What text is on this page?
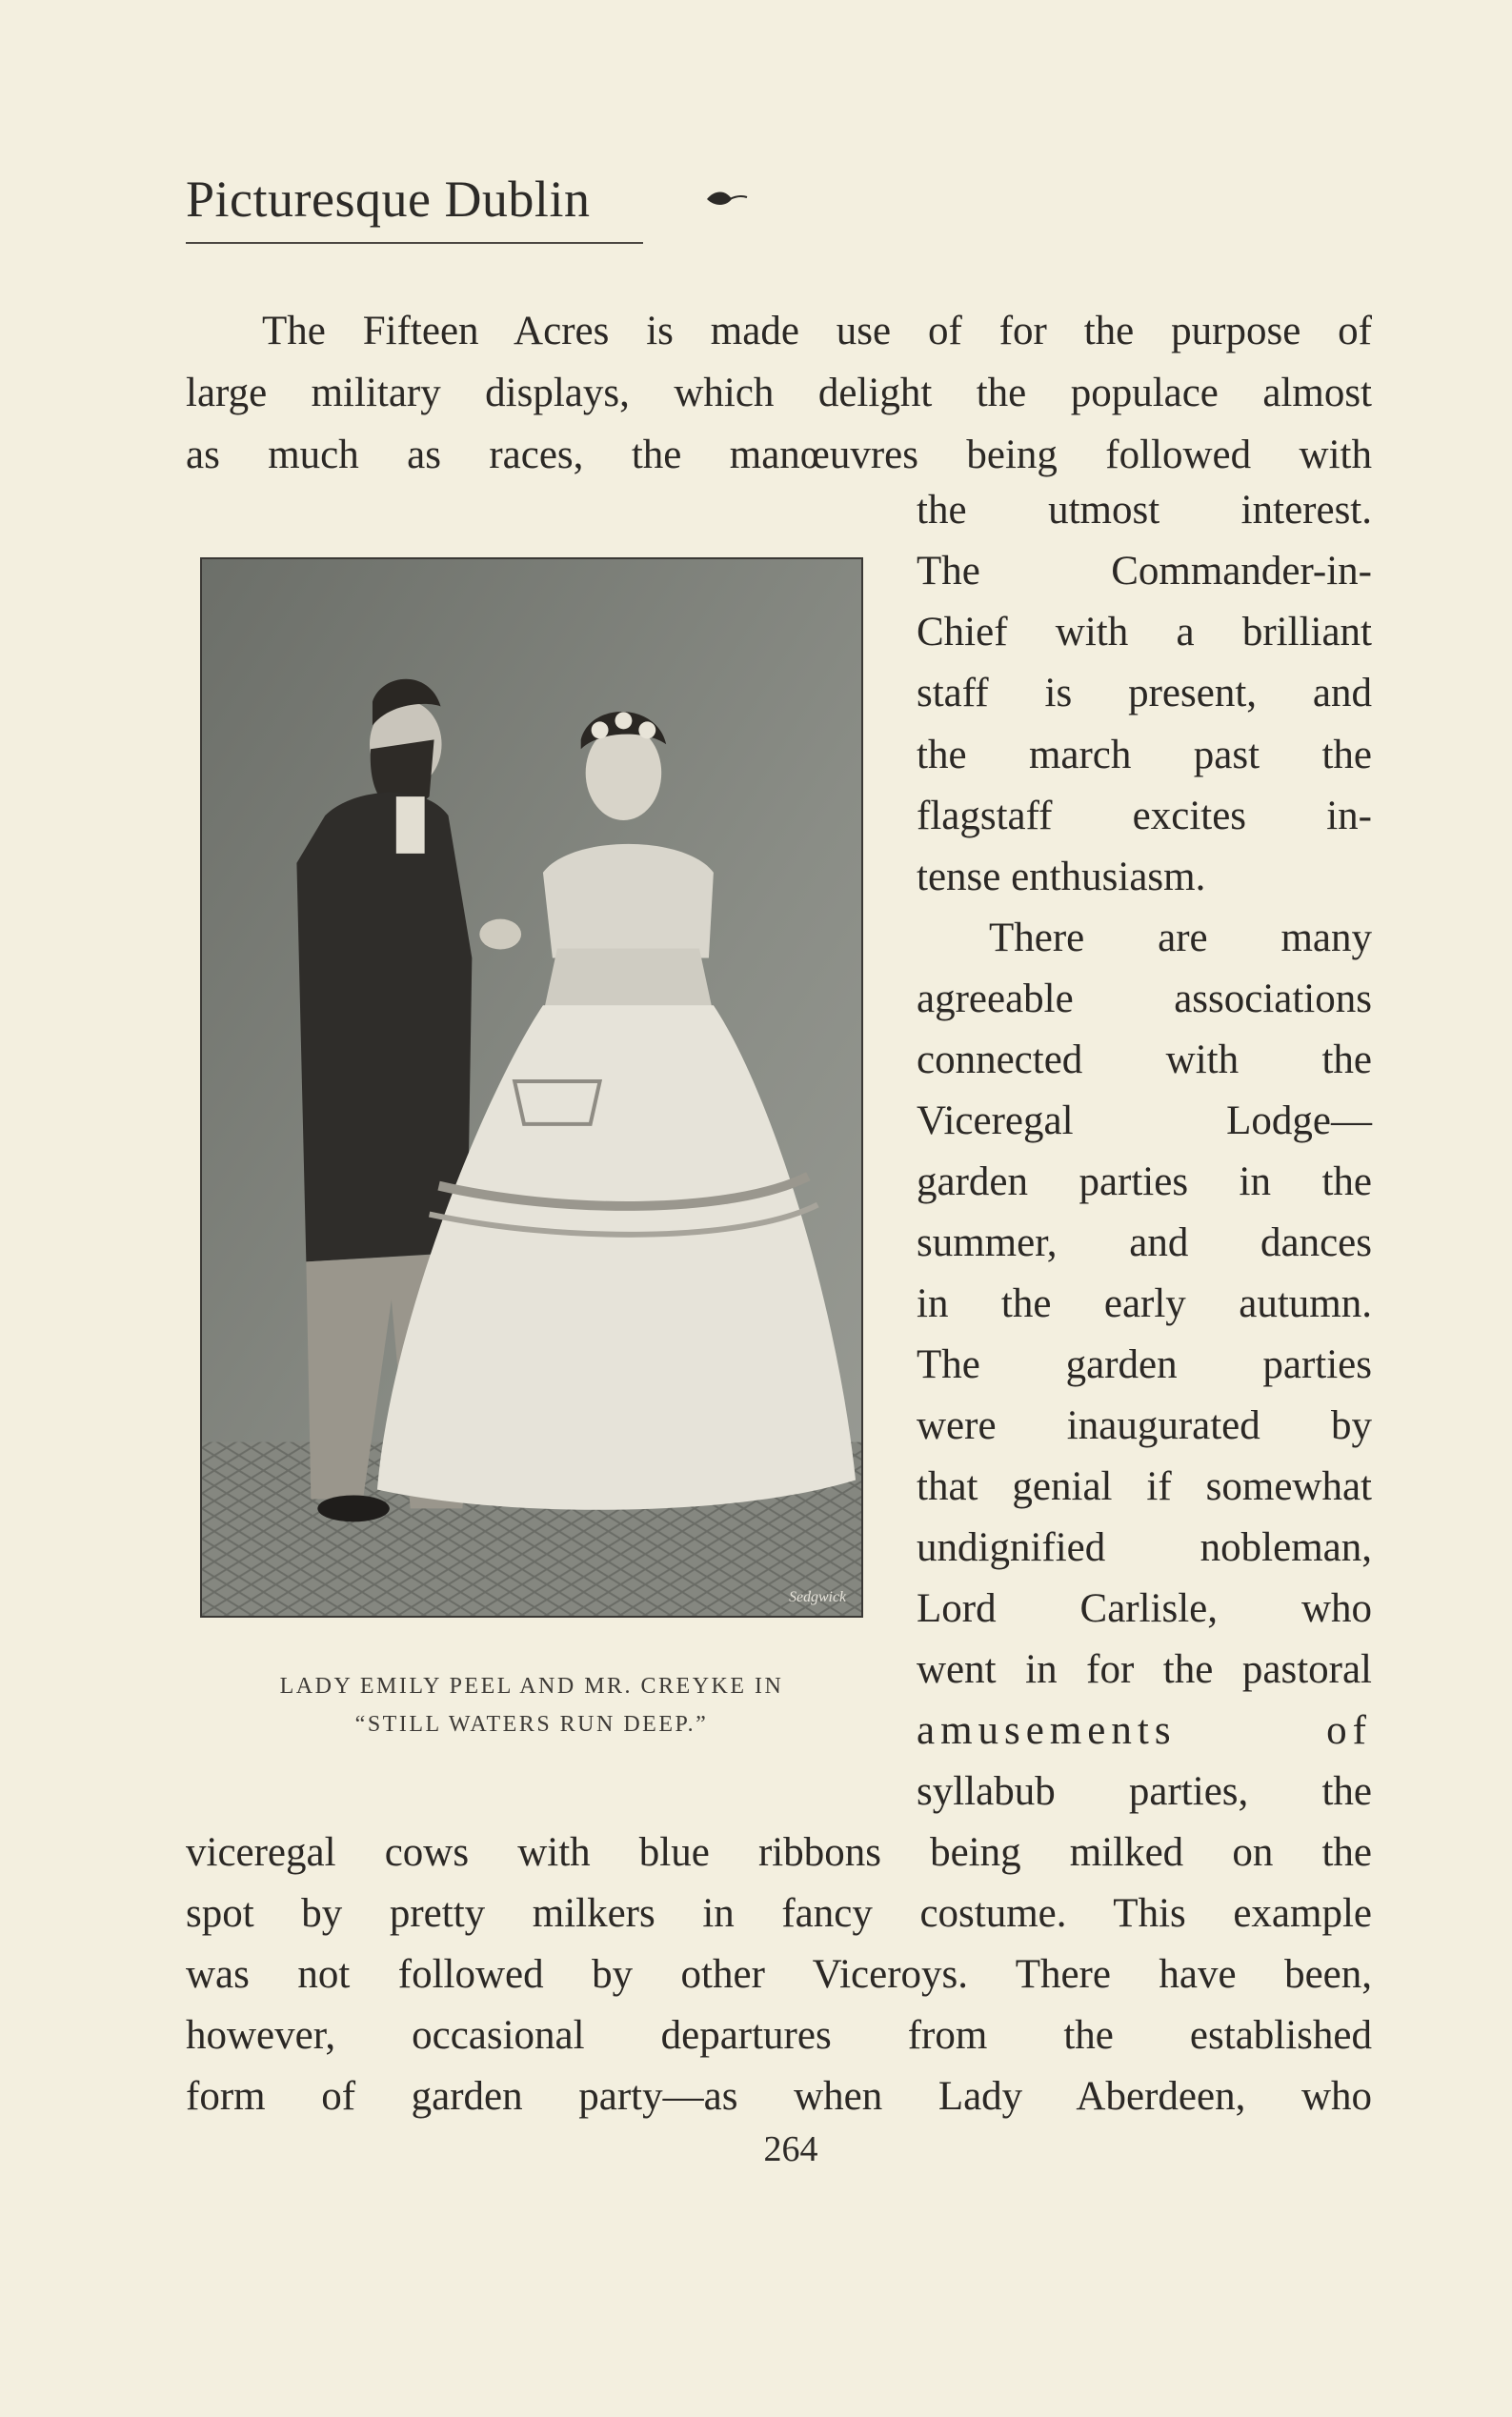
Picturesque Dublin
The Fifteen Acres is made use of for the purpose of
large military displays, which delight the populace almost
as much as races, the manœuvres being followed with
the utmost interest.
The Commander-in-
Chief with a brilliant
staff is present, and
the march past the
flagstaff excites in-
tense enthusiasm.
There are many
agreeable associations
connected with the
Viceregal Lodge—
garden parties in the
summer, and dances
in the early autumn.
The garden parties
were inaugurated by
that genial if somewhat
undignified nobleman,
Lord Carlisle, who
went in for the pastoral
amusements of
syllabub parties, the
viceregal cows with blue ribbons being milked on the
spot by pretty milkers in fancy costume. This example
was not followed by other Viceroys. There have been,
however, occasional departures from the established
form of garden party—as when Lady Aberdeen, who
Sedgwick
LADY EMILY PEEL AND MR. CREYKE IN
“STILL WATERS RUN DEEP.”
264
